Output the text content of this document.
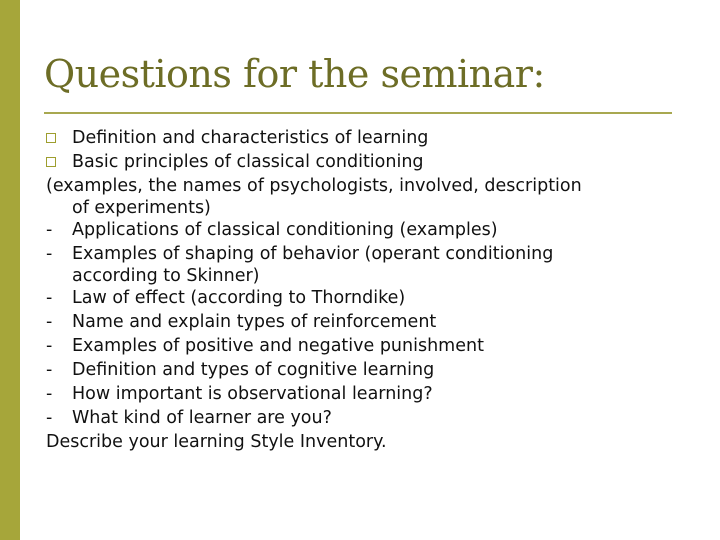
Questions for the seminar:
Definition and characteristics of learning
Basic principles of classical conditioning
(examples, the names of psychologists, involved, description
of experiments)
-	Applications of classical conditioning (examples)
-	Examples of shaping of behavior (operant conditioning
according to Skinner)
-	Law of effect (according to Thorndike)
-	Name and explain types of reinforcement
-	Examples of positive and negative punishment
-	Definition and types of cognitive learning
-	How important is observational learning?
-	What kind of learner are you?
Describe your learning Style Inventory.
